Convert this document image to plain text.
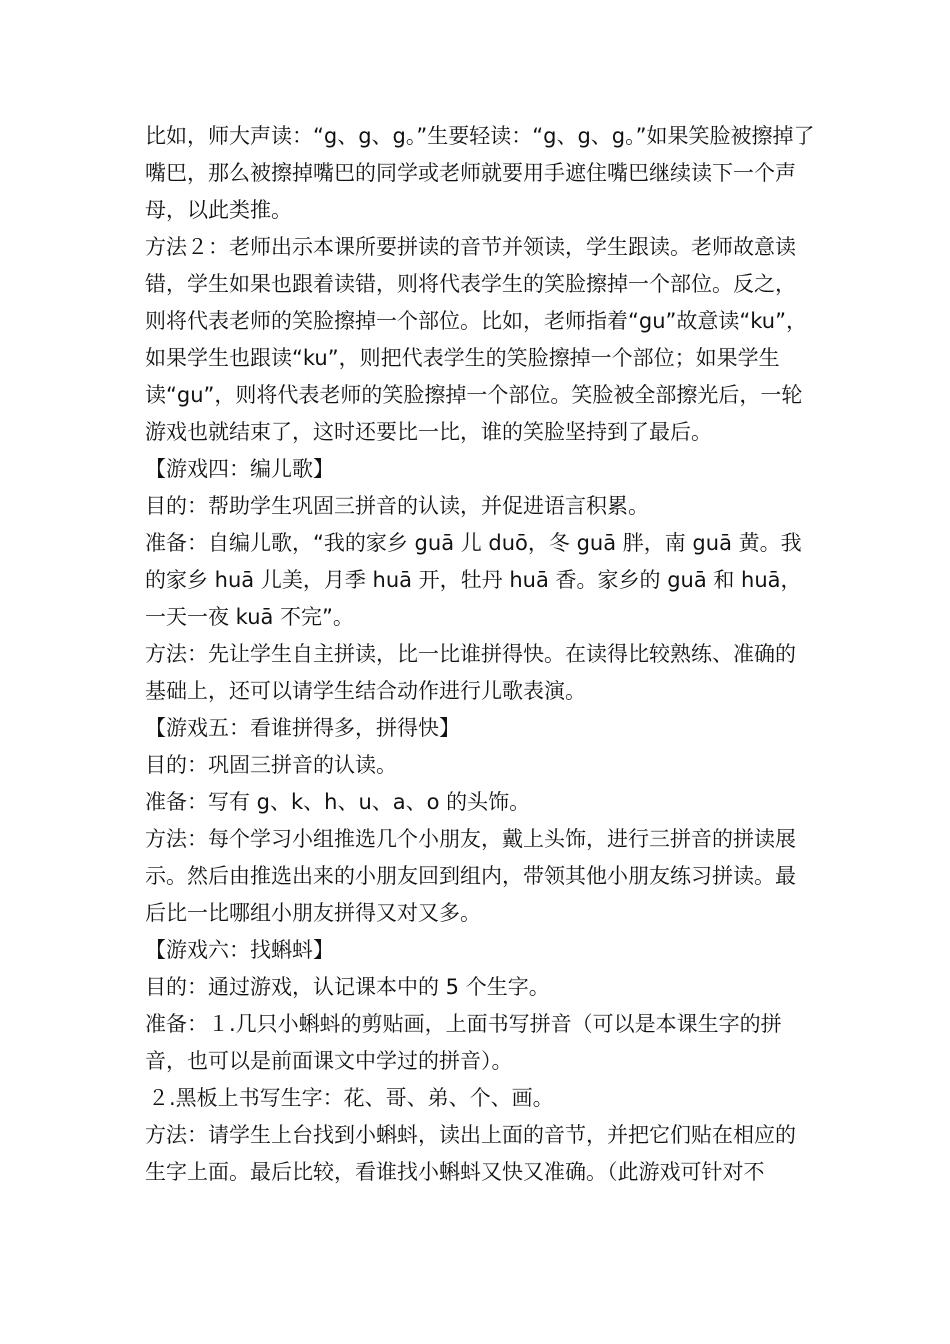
比如，师大声读：“g、g、g。”生要轻读：“g、g、g。”如果笑脸被擦掉了嘴巴，那么被擦掉嘴巴的同学或老师就要用手遮住嘴巴继续读下一个声母，以此类推。

方法２：老师出示本课所要拼读的音节并领读，学生跟读。老师故意读错，学生如果也跟着读错，则将代表学生的笑脸擦掉一个部位。反之，则将代表老师的笑脸擦掉一个部位。比如，老师指着“gu”故意读“ku”，如果学生也跟读“ku”，则把代表学生的笑脸擦掉一个部位；如果学生读“gu”，则将代表老师的笑脸擦掉一个部位。笑脸被全部擦光后，一轮游戏也就结束了，这时还要比一比，谁的笑脸坚持到了最后。

【游戏四：编儿歌】

目的：帮助学生巩固三拼音的认读，并促进语言积累。

准备：自编儿歌，“我的家乡 guā 儿 duō，冬 guā 胖，南 guā 黄。我的家乡 huā 儿美，月季 huā 开，牡丹 huā 香。家乡的 guā 和 huā，一天一夜 kuā 不完”。

方法：先让学生自主拼读，比一比谁拼得快。在读得比较熟练、准确的基础上，还可以请学生结合动作进行儿歌表演。

【游戏五：看谁拼得多，拼得快】

目的：巩固三拼音的认读。

准备：写有 g、k、h、u、a、o 的头饰。

方法：每个学习小组推选几个小朋友，戴上头饰，进行三拼音的拼读展示。然后由推选出来的小朋友回到组内，带领其他小朋友练习拼读。最后比一比哪组小朋友拼得又对又多。

【游戏六：找蝌蚪】

目的：通过游戏，认记课本中的 5 个生字。

准备：１.几只小蝌蚪的剪贴画，上面书写拼音（可以是本课生字的拼音，也可以是前面课文中学过的拼音）。

２.黑板上书写生字：花、哥、弟、个、画。

方法：请学生上台找到小蝌蚪，读出上面的音节，并把它们贴在相应的生字上面。最后比较，看谁找小蝌蚪又快又准确。（此游戏可针对不
